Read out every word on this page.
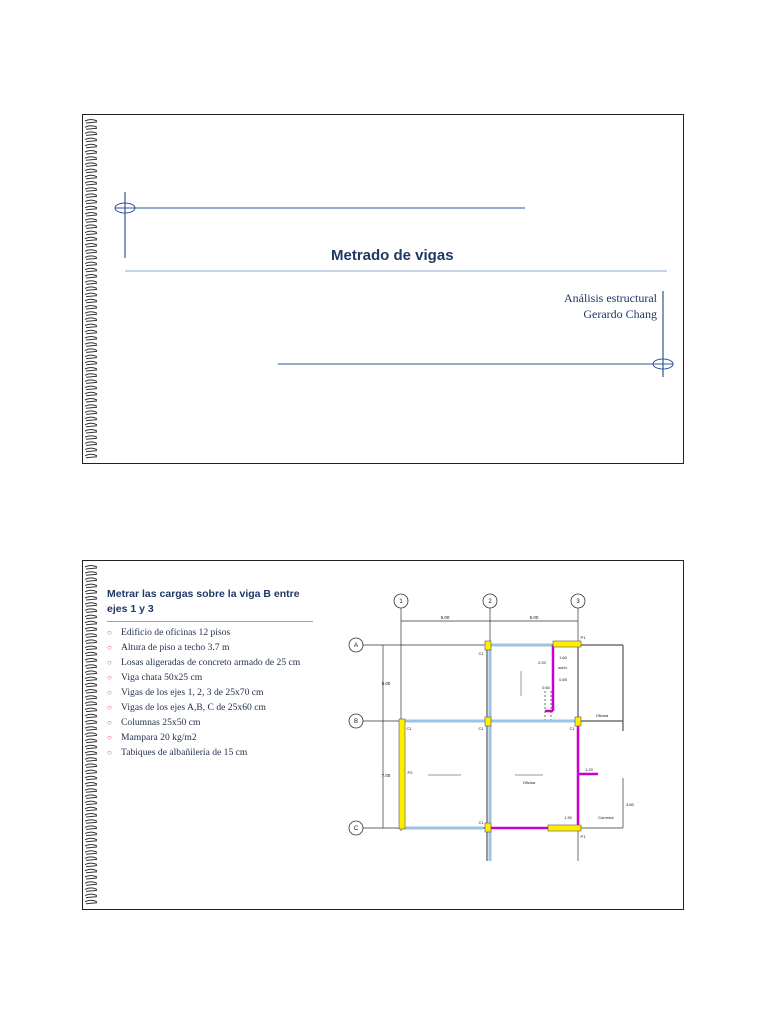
Metrado de vigas
Análisis estructural
Gerardo Chang
Metrar las cargas sobre la viga B entre ejes 1 y 3
○ Edificio de oficinas 12 pisos
○ Altura de piso a techo 3.7 m
○ Losas aligeradas de concreto armado de 25 cm
○ Viga chata 50x25 cm
○ Vigas de los ejes 1, 2, 3 de 25x70 cm
○ Vigas de los ejes A,B, C de 25x60 cm
○ Columnas 25x50 cm
○ Mampara 20 kg/m2
○ Tabiques de albañilería de 15 cm
1	2	3
A
B
C
6.00	5.00
5.00
7.00
1.60
2.20
0.65
0.60
1.20
1.30
3.80
C1
C1	C1	C1
C1
P1
P1
P2
sshh.
Oficina
Oficina
Corredor
